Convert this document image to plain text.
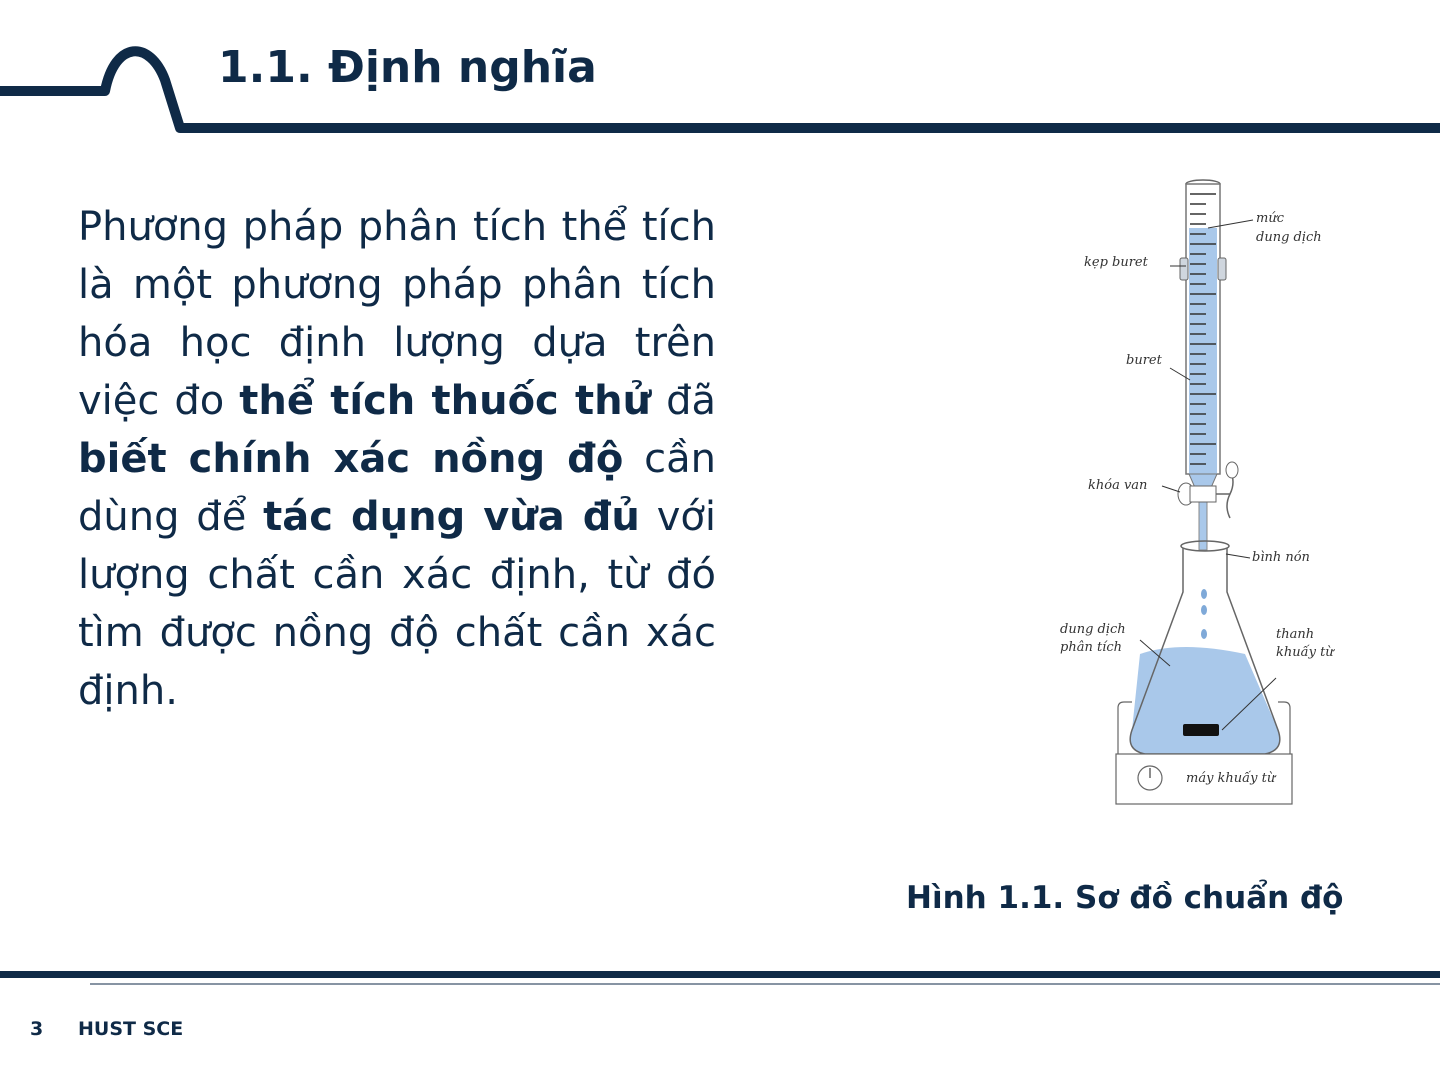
1.1. Định nghĩa

Phương pháp phân tích thể tích là một phương pháp phân tích hóa học định lượng dựa trên việc đo thể tích thuốc thử đã biết chính xác nồng độ cần dùng để tác dụng vừa đủ với lượng chất cần xác định, từ đó tìm được nồng độ chất cần xác định.

mức
dung dịch
kẹp buret
buret
khóa van
bình nón
dung dịch
phân tích
thanh
khuấy từ
máy khuấy từ

Hình 1.1. Sơ đồ chuẩn độ

3 HUST SCE
